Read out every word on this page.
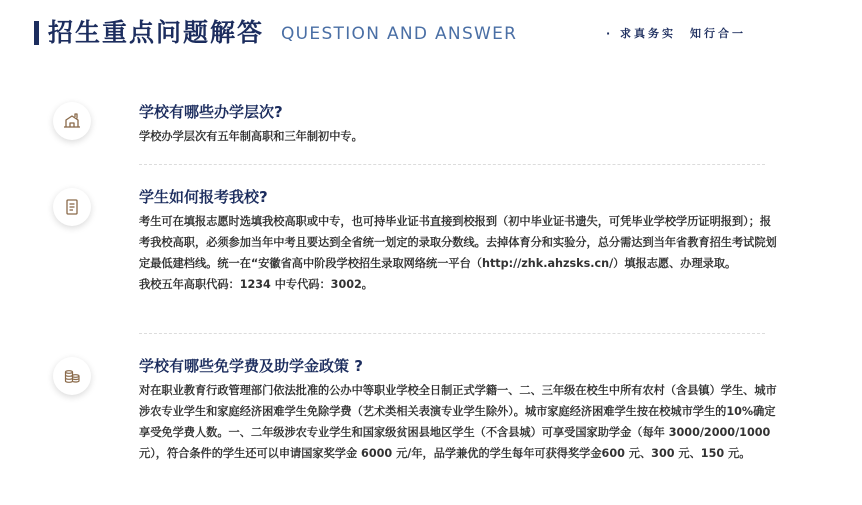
招生重点问题解答 QUESTION AND ANSWER	· 求真务实　知行合一
学校有哪些办学层次?

学校办学层次有五年制高职和三年制初中专。

学生如何报考我校?

考生可在填报志愿时选填我校高职或中专，也可持毕业证书直接到校报到（初中毕业证书遗失，可凭毕业学校学历证明报到）；报考我校高职，必须参加当年中考且要达到全省统一划定的录取分数线。去掉体育分和实验分，总分需达到当年省教育招生考试院划定最低建档线。统一在“安徽省高中阶段学校招生录取网络统一平台（http://zhk.ahzsks.cn/）填报志愿、办理录取。

我校五年高职代码：1234 中专代码：3002。

学校有哪些免学费及助学金政策 ?

对在职业教育行政管理部门依法批准的公办中等职业学校全日制正式学籍一、二、三年级在校生中所有农村（含县镇）学生、城市涉农专业学生和家庭经济困难学生免除学费（艺术类相关表演专业学生除外）。城市家庭经济困难学生按在校城市学生的10%确定享受免学费人数。一、二年级涉农专业学生和国家级贫困县地区学生（不含县城）可享受国家助学金（每年 3000/2000/1000 元），符合条件的学生还可以申请国家奖学金 6000 元/年，品学兼优的学生每年可获得奖学金600 元、300 元、150 元。
